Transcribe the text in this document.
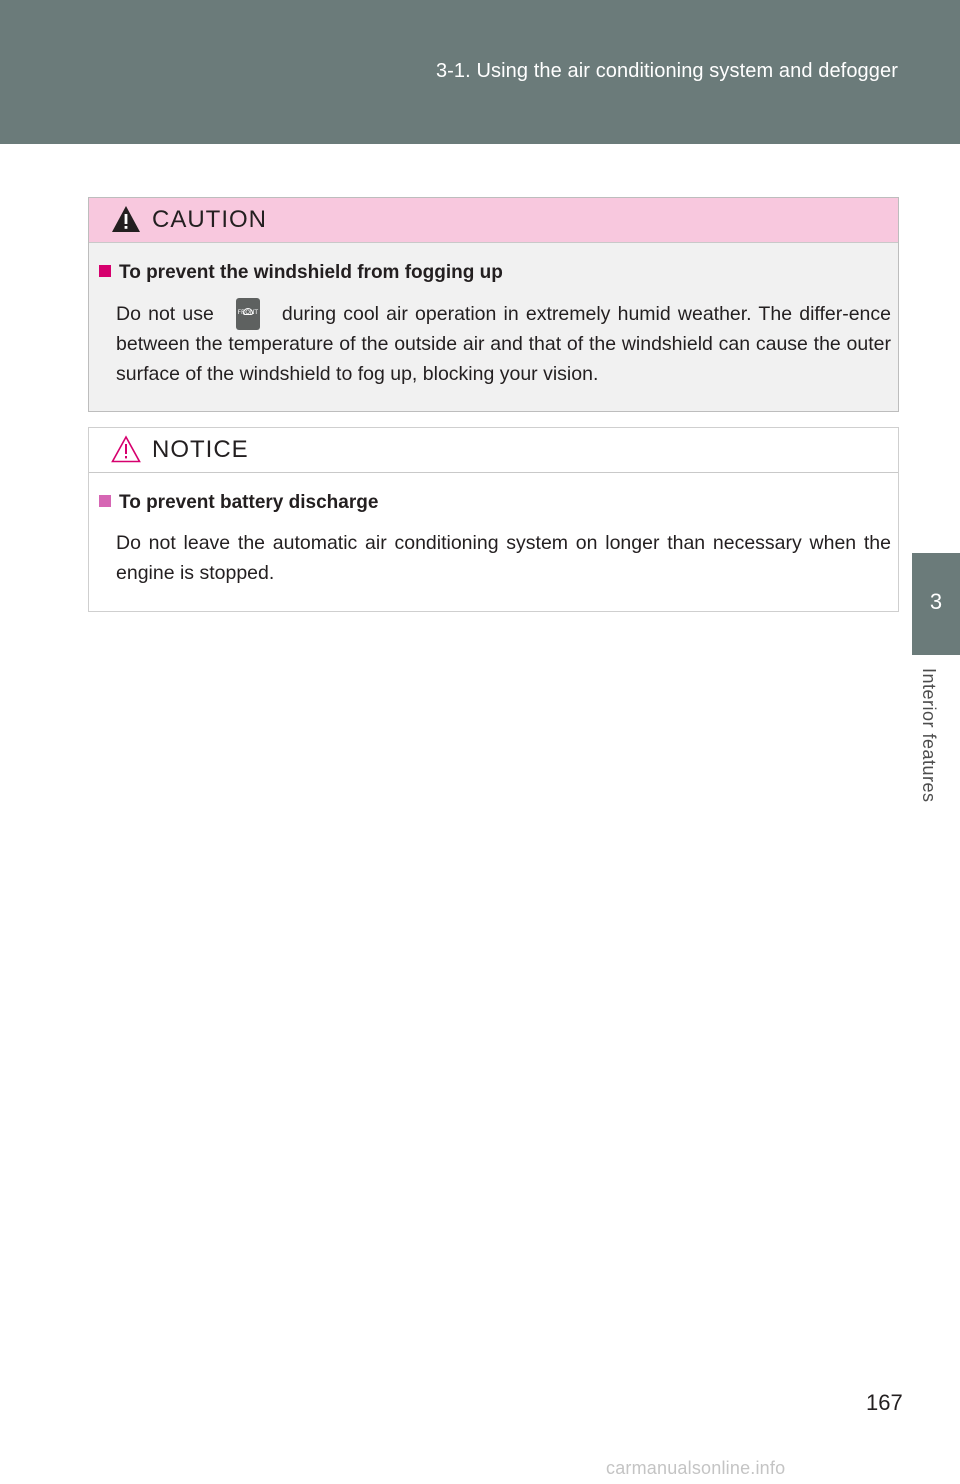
3-1. Using the air conditioning system and defogger
3
Interior features
CAUTION
To prevent the windshield from fogging up
Do not use	FRONT during cool air operation in extremely humid weather. The differ-ence between the temperature of the outside air and that of the windshield can cause the outer surface of the windshield to fog up, blocking your vision.
NOTICE
To prevent battery discharge
Do not leave the automatic air conditioning system on longer than necessary when the engine is stopped.
167
carmanualsonline.info
